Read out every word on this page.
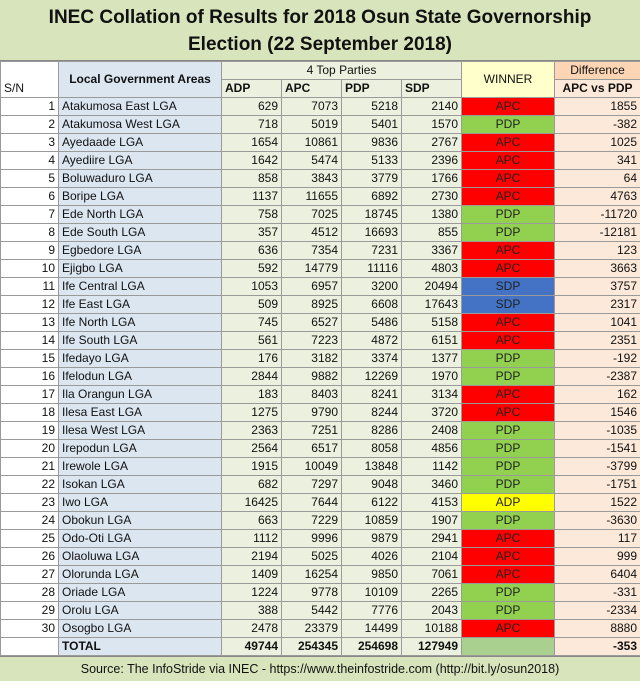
INEC Collation of Results for 2018 Osun State Governorship
Election (22 September 2018)
S/N	Local Government Areas	4 Top Parties				WINNER	Difference
		ADP	APC	PDP	SDP		APC vs PDP
1	Atakumosa East LGA	629	7073	5218	2140	APC	1855
2	Atakumosa West LGA	718	5019	5401	1570	PDP	-382
3	Ayedaade LGA	1654	10861	9836	2767	APC	1025
4	Ayediire LGA	1642	5474	5133	2396	APC	341
5	Boluwaduro LGA	858	3843	3779	1766	APC	64
6	Boripe LGA	1137	11655	6892	2730	APC	4763
7	Ede North LGA	758	7025	18745	1380	PDP	-11720
8	Ede South LGA	357	4512	16693	855	PDP	-12181
9	Egbedore LGA	636	7354	7231	3367	APC	123
10	Ejigbo LGA	592	14779	11116	4803	APC	3663
11	Ife Central LGA	1053	6957	3200	20494	SDP	3757
12	Ife East LGA	509	8925	6608	17643	SDP	2317
13	Ife North LGA	745	6527	5486	5158	APC	1041
14	Ife South LGA	561	7223	4872	6151	APC	2351
15	Ifedayo LGA	176	3182	3374	1377	PDP	-192
16	Ifelodun LGA	2844	9882	12269	1970	PDP	-2387
17	Ila Orangun LGA	183	8403	8241	3134	APC	162
18	Ilesa East LGA	1275	9790	8244	3720	APC	1546
19	Ilesa West LGA	2363	7251	8286	2408	PDP	-1035
20	Irepodun LGA	2564	6517	8058	4856	PDP	-1541
21	Irewole LGA	1915	10049	13848	1142	PDP	-3799
22	Isokan LGA	682	7297	9048	3460	PDP	-1751
23	Iwo LGA	16425	7644	6122	4153	ADP	1522
24	Obokun LGA	663	7229	10859	1907	PDP	-3630
25	Odo-Oti LGA	1112	9996	9879	2941	APC	117
26	Olaoluwa LGA	2194	5025	4026	2104	APC	999
27	Olorunda LGA	1409	16254	9850	7061	APC	6404
28	Oriade LGA	1224	9778	10109	2265	PDP	-331
29	Orolu LGA	388	5442	7776	2043	PDP	-2334
30	Osogbo LGA	2478	23379	14499	10188	APC	8880
	TOTAL	49744	254345	254698	127949		-353
Source: The InfoStride via INEC - https://www.theinfostride.com (http://bit.ly/osun2018)
